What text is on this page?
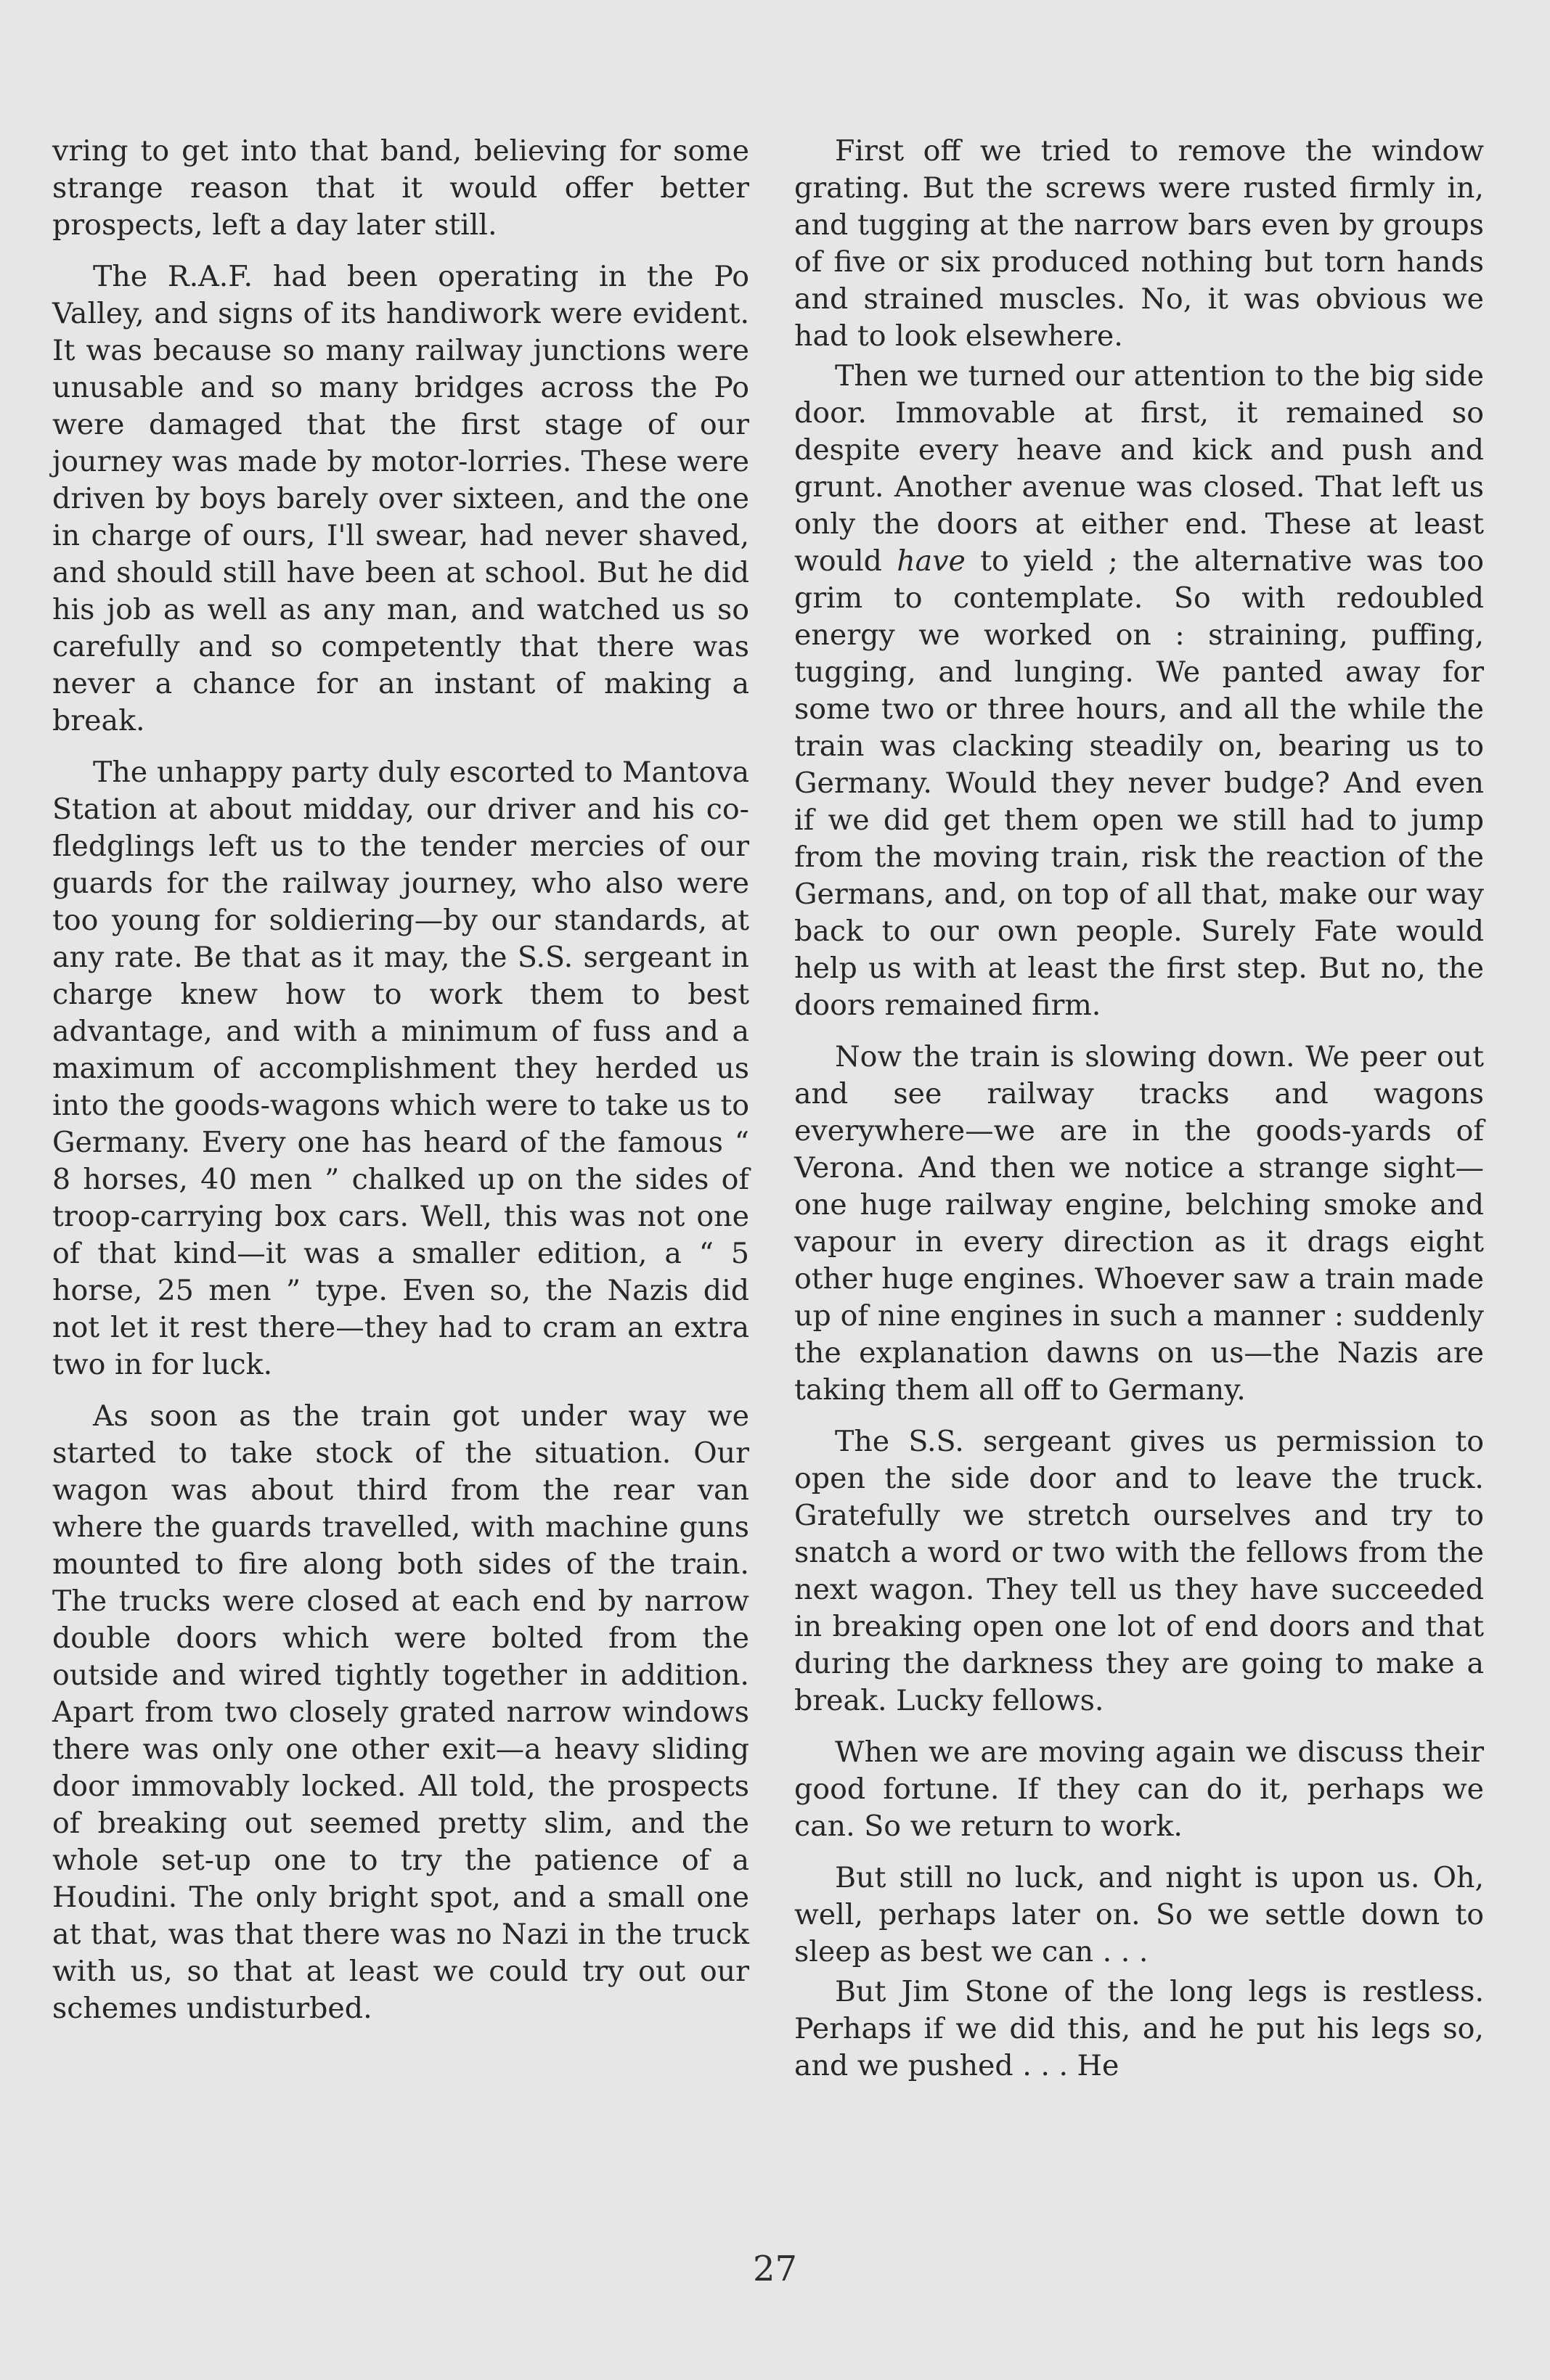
vring to get into that band, believing for some strange reason that it would offer better prospects, left a day later still.

The R.A.F. had been operating in the Po Valley, and signs of its handiwork were evident. It was because so many railway junctions were unusable and so many bridges across the Po were damaged that the first stage of our journey was made by motor-lorries. These were driven by boys barely over sixteen, and the one in charge of ours, I'll swear, had never shaved, and should still have been at school. But he did his job as well as any man, and watched us so carefully and so competently that there was never a chance for an instant of making a break.

The unhappy party duly escorted to Mantova Station at about midday, our driver and his co-fledglings left us to the tender mercies of our guards for the railway journey, who also were too young for soldiering—by our standards, at any rate. Be that as it may, the S.S. sergeant in charge knew how to work them to best advantage, and with a minimum of fuss and a maximum of accomplishment they herded us into the goods-wagons which were to take us to Germany. Every one has heard of the famous “ 8 horses, 40 men ” chalked up on the sides of troop-carrying box cars. Well, this was not one of that kind—it was a smaller edition, a “ 5 horse, 25 men ” type. Even so, the Nazis did not let it rest there—they had to cram an extra two in for luck.

As soon as the train got under way we started to take stock of the situation. Our wagon was about third from the rear van where the guards travelled, with machine guns mounted to fire along both sides of the train. The trucks were closed at each end by narrow double doors which were bolted from the outside and wired tightly together in addition. Apart from two closely grated narrow windows there was only one other exit—a heavy sliding door immovably locked. All told, the prospects of breaking out seemed pretty slim, and the whole set-up one to try the patience of a Houdini. The only bright spot, and a small one at that, was that there was no Nazi in the truck with us, so that at least we could try out our schemes undisturbed.

First off we tried to remove the window grating. But the screws were rusted firmly in, and tugging at the narrow bars even by groups of five or six produced nothing but torn hands and strained muscles. No, it was obvious we had to look elsewhere.

Then we turned our attention to the big side door. Immovable at first, it remained so despite every heave and kick and push and grunt. Another avenue was closed. That left us only the doors at either end. These at least would have to yield ; the alternative was too grim to contemplate. So with redoubled energy we worked on : straining, puffing, tugging, and lunging. We panted away for some two or three hours, and all the while the train was clacking steadily on, bearing us to Germany. Would they never budge? And even if we did get them open we still had to jump from the moving train, risk the reaction of the Germans, and, on top of all that, make our way back to our own people. Surely Fate would help us with at least the first step. But no, the doors remained firm.

Now the train is slowing down. We peer out and see railway tracks and wagons everywhere—we are in the goods-yards of Verona. And then we notice a strange sight—one huge railway engine, belching smoke and vapour in every direction as it drags eight other huge engines. Whoever saw a train made up of nine engines in such a manner : suddenly the explanation dawns on us—the Nazis are taking them all off to Germany.

The S.S. sergeant gives us permission to open the side door and to leave the truck. Gratefully we stretch ourselves and try to snatch a word or two with the fellows from the next wagon. They tell us they have succeeded in breaking open one lot of end doors and that during the darkness they are going to make a break. Lucky fellows.

When we are moving again we discuss their good fortune. If they can do it, perhaps we can. So we return to work.

But still no luck, and night is upon us. Oh, well, perhaps later on. So we settle down to sleep as best we can . . .

But Jim Stone of the long legs is restless. Perhaps if we did this, and he put his legs so, and we pushed . . . He

27
